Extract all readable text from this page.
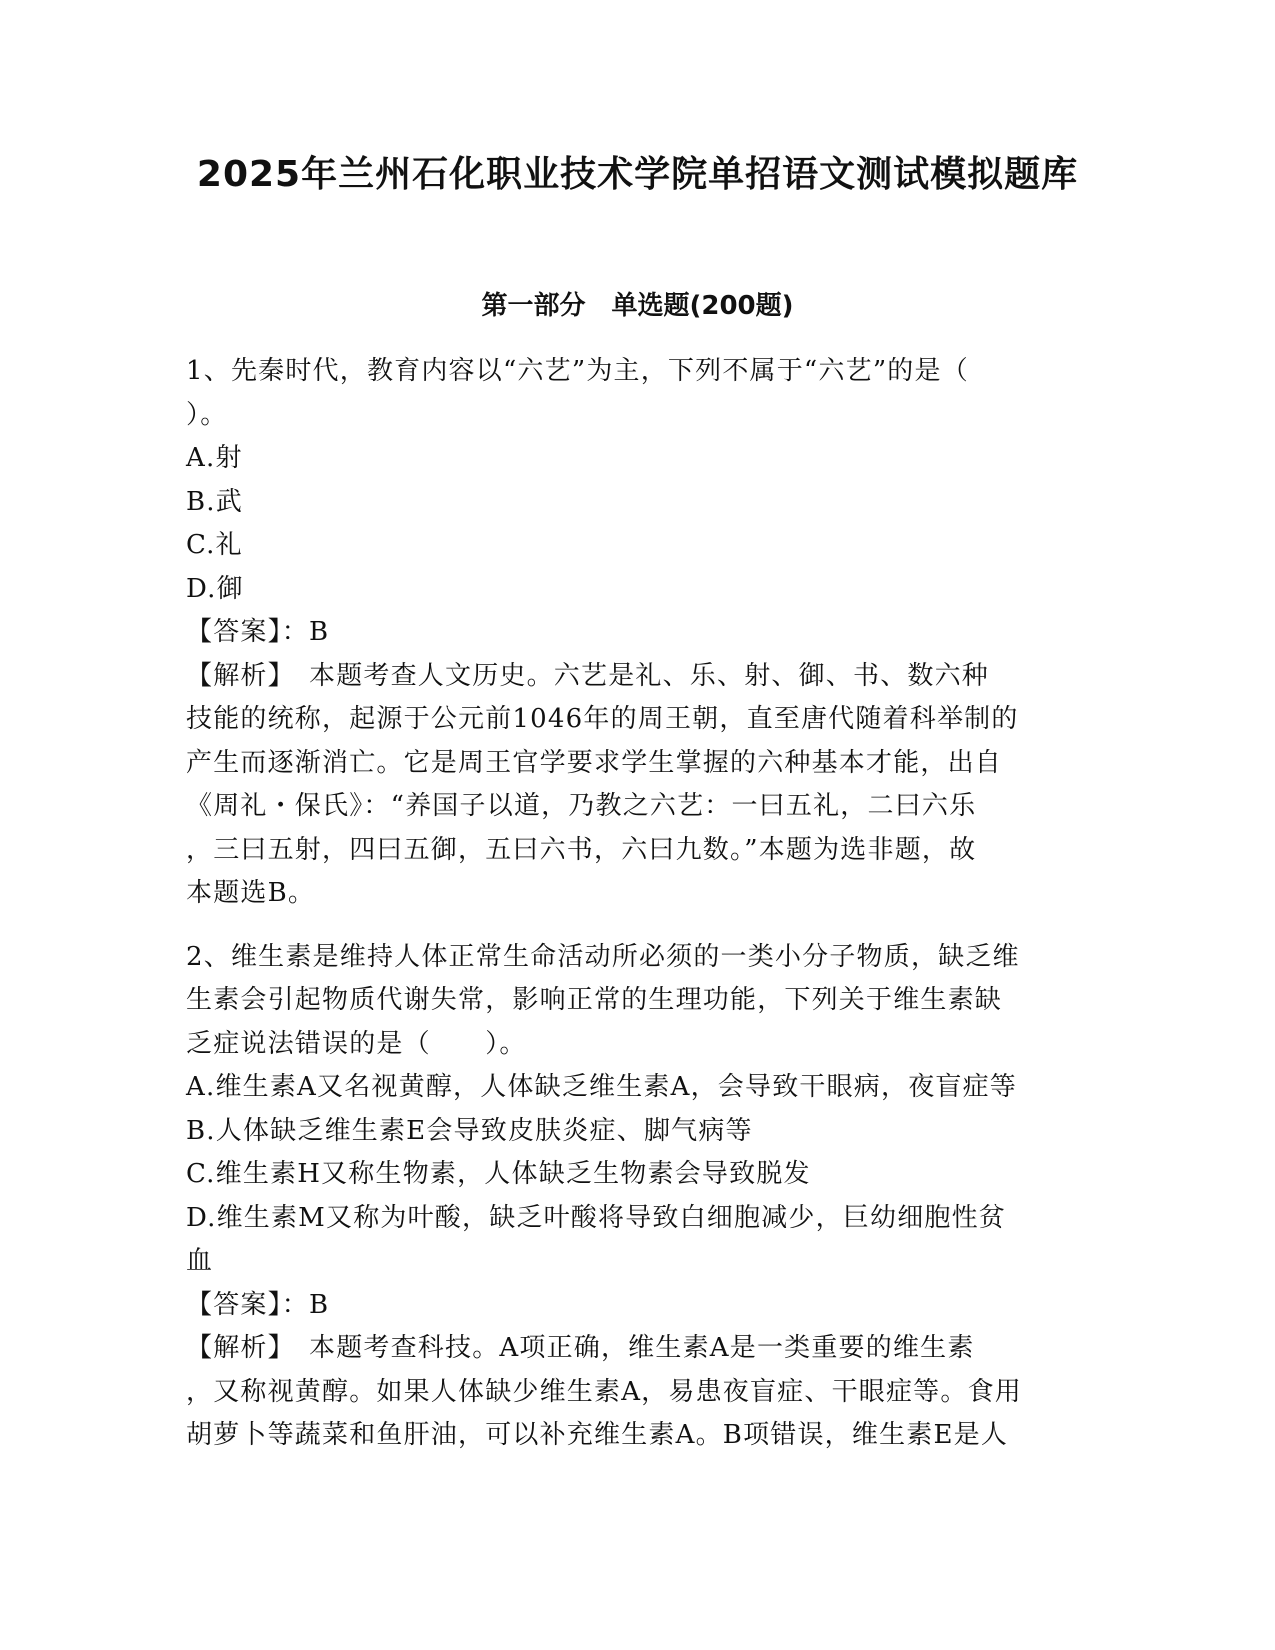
2025年兰州石化职业技术学院单招语文测试模拟题库
第一部分　单选题(200题)

1、先秦时代，教育内容以“六艺”为主，下列不属于“六艺”的是（

）。

A.射

B.武

C.礼

D.御

【答案】：B

【解析】　本题考查人文历史。六艺是礼、乐、射、御、书、数六种

技能的统称，起源于公元前1046年的周王朝，直至唐代随着科举制的

产生而逐渐消亡。它是周王官学要求学生掌握的六种基本才能，出自

《周礼・保氏》：“养国子以道，乃教之六艺：一曰五礼，二曰六乐

，三曰五射，四曰五御，五曰六书，六曰九数。”本题为选非题，故

本题选B。

2、维生素是维持人体正常生命活动所必须的一类小分子物质，缺乏维

生素会引起物质代谢失常，影响正常的生理功能，下列关于维生素缺

乏症说法错误的是（　　）。

A.维生素A又名视黄醇，人体缺乏维生素A，会导致干眼病，夜盲症等

B.人体缺乏维生素E会导致皮肤炎症、脚气病等

C.维生素H又称生物素，人体缺乏生物素会导致脱发

D.维生素M又称为叶酸，缺乏叶酸将导致白细胞减少，巨幼细胞性贫

血

【答案】：B

【解析】　本题考查科技。A项正确，维生素A是一类重要的维生素

，又称视黄醇。如果人体缺少维生素A，易患夜盲症、干眼症等。食用

胡萝卜等蔬菜和鱼肝油，可以补充维生素A。B项错误，维生素E是人
